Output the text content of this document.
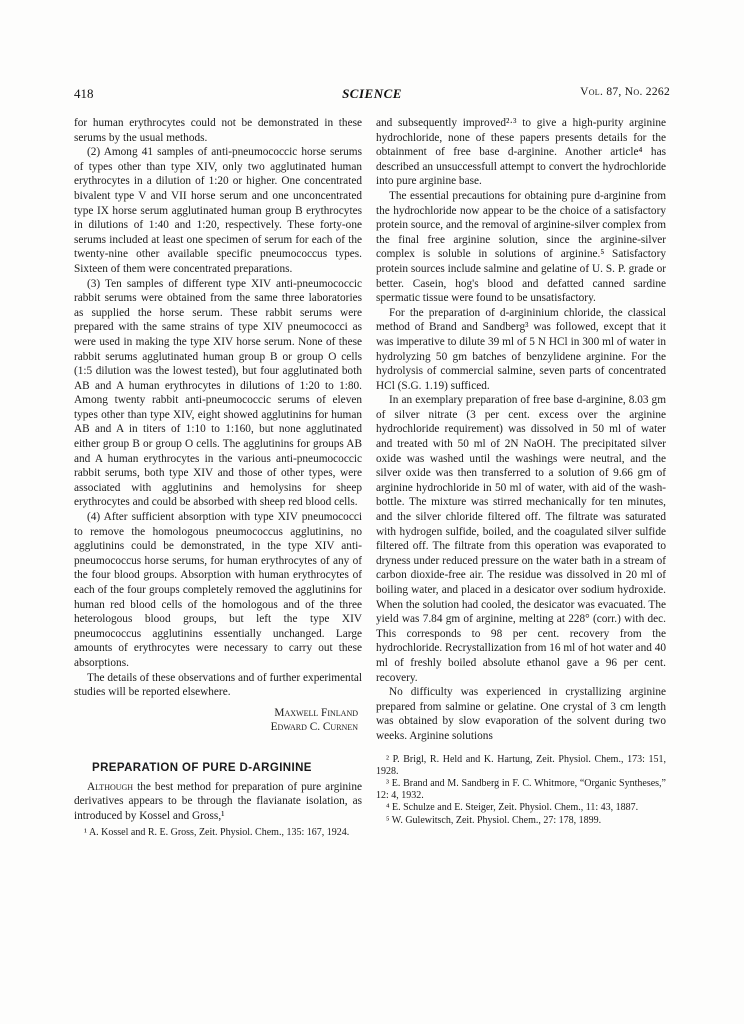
418	SCIENCE	Vol. 87, No. 2262

for human erythrocytes could not be demonstrated in these serums by the usual methods.

(2) Among 41 samples of anti-pneumococcic horse serums of types other than type XIV, only two agglutinated human erythrocytes in a dilution of 1:20 or higher. One concentrated bivalent type V and VII horse serum and one unconcentrated type IX horse serum agglutinated human group B erythrocytes in dilutions of 1:40 and 1:20, respectively. These forty-one serums included at least one specimen of serum for each of the twenty-nine other available specific pneumococcus types. Sixteen of them were concentrated preparations.

(3) Ten samples of different type XIV anti-pneumococcic rabbit serums were obtained from the same three laboratories as supplied the horse serum. These rabbit serums were prepared with the same strains of type XIV pneumococci as were used in making the type XIV horse serum. None of these rabbit serums agglutinated human group B or group O cells (1:5 dilution was the lowest tested), but four agglutinated both AB and A human erythrocytes in dilutions of 1:20 to 1:80. Among twenty rabbit anti-pneumococcic serums of eleven types other than type XIV, eight showed agglutinins for human AB and A in titers of 1:10 to 1:160, but none agglutinated either group B or group O cells. The agglutinins for groups AB and A human erythrocytes in the various anti-pneumococcic rabbit serums, both type XIV and those of other types, were associated with agglutinins and hemolysins for sheep erythrocytes and could be absorbed with sheep red blood cells.

(4) After sufficient absorption with type XIV pneumococci to remove the homologous pneumococcus agglutinins, no agglutinins could be demonstrated, in the type XIV anti-pneumococcus horse serums, for human erythrocytes of any of the four blood groups. Absorption with human erythrocytes of each of the four groups completely removed the agglutinins for human red blood cells of the homologous and of the three heterologous blood groups, but left the type XIV pneumococcus agglutinins essentially unchanged. Large amounts of erythrocytes were necessary to carry out these absorptions.

The details of these observations and of further experimental studies will be reported elsewhere.

Maxwell Finland

Edward C. Curnen

PREPARATION OF PURE D-ARGININE

Although the best method for preparation of pure arginine derivatives appears to be through the flavianate isolation, as introduced by Kossel and Gross,¹

¹ A. Kossel and R. E. Gross, Zeit. Physiol. Chem., 135: 167, 1924.

and subsequently improved²·³ to give a high-purity arginine hydrochloride, none of these papers presents details for the obtainment of free base d-arginine. Another article⁴ has described an unsuccessfull attempt to convert the hydrochloride into pure arginine base.

The essential precautions for obtaining pure d-arginine from the hydrochloride now appear to be the choice of a satisfactory protein source, and the removal of arginine-silver complex from the final free arginine solution, since the arginine-silver complex is soluble in solutions of arginine.⁵ Satisfactory protein sources include salmine and gelatine of U. S. P. grade or better. Casein, hog's blood and defatted canned sardine spermatic tissue were found to be unsatisfactory.

For the preparation of d-argininium chloride, the classical method of Brand and Sandberg³ was followed, except that it was imperative to dilute 39 ml of 5 N HCl in 300 ml of water in hydrolyzing 50 gm batches of benzylidene arginine. For the hydrolysis of commercial salmine, seven parts of concentrated HCl (S.G. 1.19) sufficed.

In an exemplary preparation of free base d-arginine, 8.03 gm of silver nitrate (3 per cent. excess over the arginine hydrochloride requirement) was dissolved in 50 ml of water and treated with 50 ml of 2N NaOH. The precipitated silver oxide was washed until the washings were neutral, and the silver oxide was then transferred to a solution of 9.66 gm of arginine hydrochloride in 50 ml of water, with aid of the wash-bottle. The mixture was stirred mechanically for ten minutes, and the silver chloride filtered off. The filtrate was saturated with hydrogen sulfide, boiled, and the coagulated silver sulfide filtered off. The filtrate from this operation was evaporated to dryness under reduced pressure on the water bath in a stream of carbon dioxide-free air. The residue was dissolved in 20 ml of boiling water, and placed in a desicator over sodium hydroxide. When the solution had cooled, the desicator was evacuated. The yield was 7.84 gm of arginine, melting at 228° (corr.) with dec. This corresponds to 98 per cent. recovery from the hydrochloride. Recrystallization from 16 ml of hot water and 40 ml of freshly boiled absolute ethanol gave a 96 per cent. recovery.

No difficulty was experienced in crystallizing arginine prepared from salmine or gelatine. One crystal of 3 cm length was obtained by slow evaporation of the solvent during two weeks. Arginine solutions

² P. Brigl, R. Held and K. Hartung, Zeit. Physiol. Chem., 173: 151, 1928.

³ E. Brand and M. Sandberg in F. C. Whitmore, “Organic Syntheses,” 12: 4, 1932.

⁴ E. Schulze and E. Steiger, Zeit. Physiol. Chem., 11: 43, 1887.

⁵ W. Gulewitsch, Zeit. Physiol. Chem., 27: 178, 1899.
